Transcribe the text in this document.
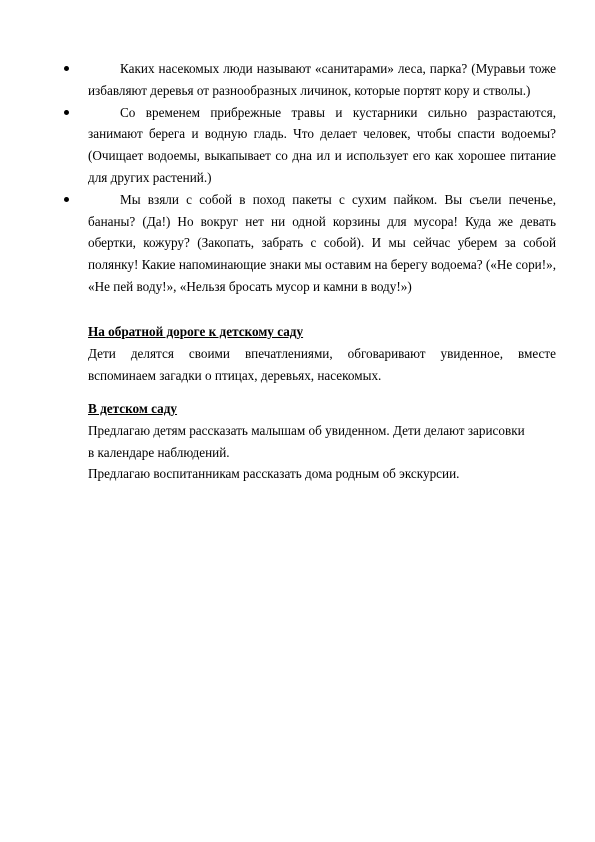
Каких насекомых люди называют «санитарами» леса, парка? (Муравьи тоже избавляют деревья от разнообразных личинок, которые портят кору и стволы.)
Со временем прибрежные травы и кустарники сильно разрастаются, занимают берега и водную гладь. Что делает человек, чтобы спасти водоемы? (Очищает водоемы, выкапывает со дна ил и использует его как хорошее питание для других растений.)
Мы взяли с собой в поход пакеты с сухим пайком. Вы съели печенье, бананы? (Да!) Но вокруг нет ни одной корзины для мусора! Куда же девать обертки, кожуру? (Закопать, забрать с собой). И мы сейчас уберем за собой полянку! Какие напоминающие знаки мы оставим на берегу водоема? («Не сори!», «Не пей воду!», «Нельзя бросать мусор и камни в воду!»)

На обратной дороге к детскому саду

Дети делятся своими впечатлениями, обговаривают увиденное, вместе вспоминаем загадки о птицах, деревьях, насекомых.

В детском саду

Предлагаю детям рассказать малышам об увиденном. Дети делают зарисовки

в календаре наблюдений.

Предлагаю воспитанникам рассказать дома родным об экскурсии.
